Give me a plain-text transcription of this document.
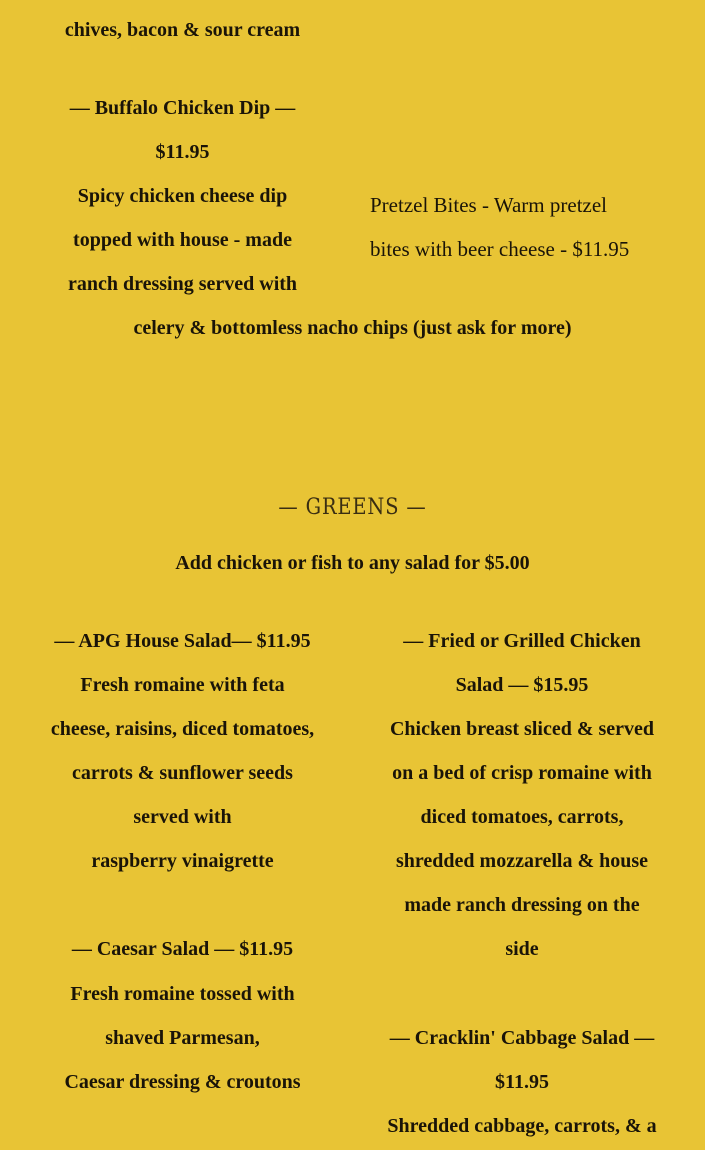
chives, bacon & sour cream
— Buffalo Chicken Dip —
$11.95
Spicy chicken cheese dip
topped with house - made
ranch dressing served with
celery & bottomless nacho chips (just ask for more)
Pretzel Bites - Warm pretzel
bites with beer cheese - $11.95
— GREENS —
Add chicken or fish to any salad for $5.00
— APG House Salad— $11.95
Fresh romaine with feta
cheese, raisins, diced tomatoes,
carrots & sunflower seeds
served with
raspberry vinaigrette
— Caesar Salad — $11.95
Fresh romaine tossed with
shaved Parmesan,
Caesar dressing & croutons
— Fried or Grilled Chicken
Salad — $15.95
Chicken breast sliced & served
on a bed of crisp romaine with
diced tomatoes, carrots,
shredded mozzarella & house
made ranch dressing on the
side
— Cracklin' Cabbage Salad —
$11.95
Shredded cabbage, carrots, & a
